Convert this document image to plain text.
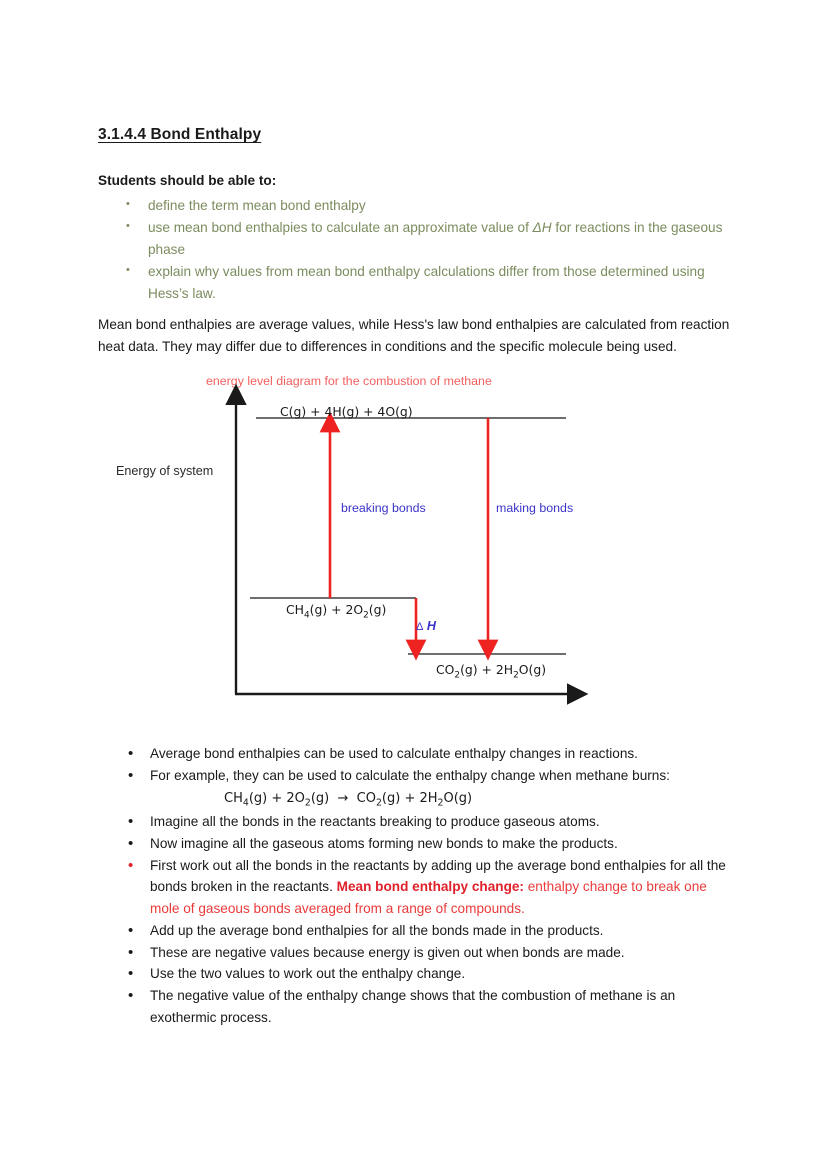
3.1.4.4 Bond Enthalpy
Students should be able to:
• define the term mean bond enthalpy
• use mean bond enthalpies to calculate an approximate value of ΔH for reactions in the gaseous phase
• explain why values from mean bond enthalpy calculations differ from those determined using Hess’s law.

Mean bond enthalpies are average values, while Hess's law bond enthalpies are calculated from reaction heat data. They may differ due to differences in conditions and the specific molecule being used.

energy level diagram for the combustion of methane
Energy of system
C(g) + 4H(g) + 4O(g)
$CH_4(g) + 2O_2(g)$
$CO_2(g) + 2H_2O(g)$
breaking bonds	making bonds
Δ H
• Average bond enthalpies can be used to calculate enthalpy changes in reactions.
• For example, they can be used to calculate the enthalpy change when methane burns:
$CH_4(g) + 2O_2(g) \to CO_2(g) + 2H_2O(g)$
• Imagine all the bonds in the reactants breaking to produce gaseous atoms.
• Now imagine all the gaseous atoms forming new bonds to make the products.
• First work out all the bonds in the reactants by adding up the average bond enthalpies for all the bonds broken in the reactants. Mean bond enthalpy change: enthalpy change to break one mole of gaseous bonds averaged from a range of compounds.
• Add up the average bond enthalpies for all the bonds made in the products.
• These are negative values because energy is given out when bonds are made.
• Use the two values to work out the enthalpy change.
• The negative value of the enthalpy change shows that the combustion of methane is an exothermic process.
